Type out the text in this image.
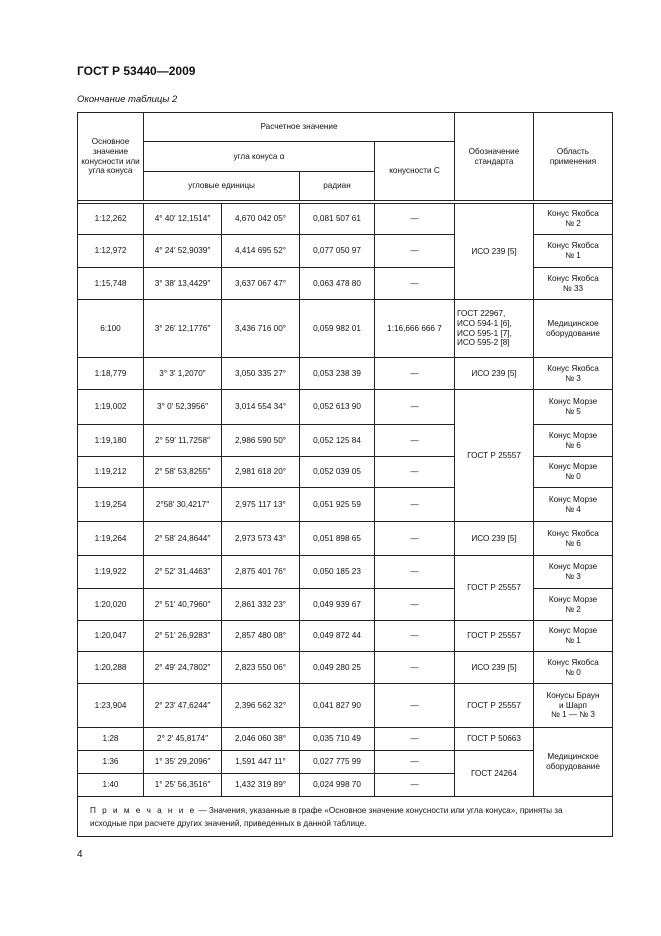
ГОСТ Р 53440—2009
Окончание таблицы 2
Основное значение конусности или угла конуса	Расчетное значение				Обозначение стандарта	Область применения
	угла конуса α			конусности C		
	угловые единицы		радиан			

1:12,262	4° 40′ 12,1514″	4,670 042 05°	0,081 507 61	—	ИСО 239 [5]	Конус Якобса
№ 2
1:12,972	4° 24′ 52,9039″	4,414 695 52°	0,077 050 97	—		Конус Якобса
№ 1
1:15,748	3° 38′ 13,4429″	3,637 067 47°	0,063 478 80	—		Конус Якобса
№ 33
6:100	3° 26′ 12,1776″	3,436 716 00°	0,059 982 01	1:16,666 666 7	ГОСТ 22967,
ИСО 594-1 [6],
ИСО 595-1 [7],
ИСО 595-2 [8]	Медицинское
оборудование
1:18,779	3° 3′ 1,2070″	3,050 335 27°	0,053 238 39	—	ИСО 239 [5]	Конус Якобса
№ 3
1:19,002	3° 0′ 52,3956″	3,014 554 34°	0,052 613 90	—	ГОСТ Р 25557	Конус Морзе
№ 5
1:19,180	2° 59′ 11,7258″	2,986 590 50°	0,052 125 84	—		Конус Морзе
№ 6
1:19,212	2° 58′ 53,8255″	2,981 618 20°	0,052 039 05	—		Конус Морзе
№ 0
1:19,254	2°58′ 30,4217″	2,975 117 13°	0,051 925 59	—		Конус Морзе
№ 4
1:19,264	2° 58′ 24,8644″	2,973 573 43°	0,051 898 65	—	ИСО 239 [5]	Конус Якобса
№ 6
1:19,922	2° 52′ 31,4463″	2,875 401 76°	0,050 185 23	—	ГОСТ Р 25557	Конус Морзе
№ 3
1:20,020	2° 51′ 40,7960″	2,861 332 23°	0,049 939 67	—		Конус Морзе
№ 2
1:20,047	2° 51′ 26,9283″	2,857 480 08°	0,049 872 44	—	ГОСТ Р 25557	Конус Морзе
№ 1
1:20,288	2° 49′ 24,7802″	2,823 550 06°	0,049 280 25	—	ИСО 239 [5]	Конус Якобса
№ 0
1:23,904	2° 23′ 47,6244″	2,396 562 32°	0,041 827 90	—	ГОСТ Р 25557	Конусы Браун
и Шарп
№ 1 — № 3
1:28	2° 2′ 45,8174″	2,046 060 38°	0,035 710 49	—	ГОСТ Р 50663	Медицинское
оборудование
1:36	1° 35′ 29,2096″	1,591 447 11°	0,027 775 99	—	ГОСТ 24264	
1:40	1° 25′ 56,3516″	1,432 319 89°	0,024 998 70	—		
П р и м е ч а н и е — Значения, указанные в графе «Основное значение конусности или угла конуса», приняты за исходные при расчете других значений, приведенных в данной таблице.						
4
